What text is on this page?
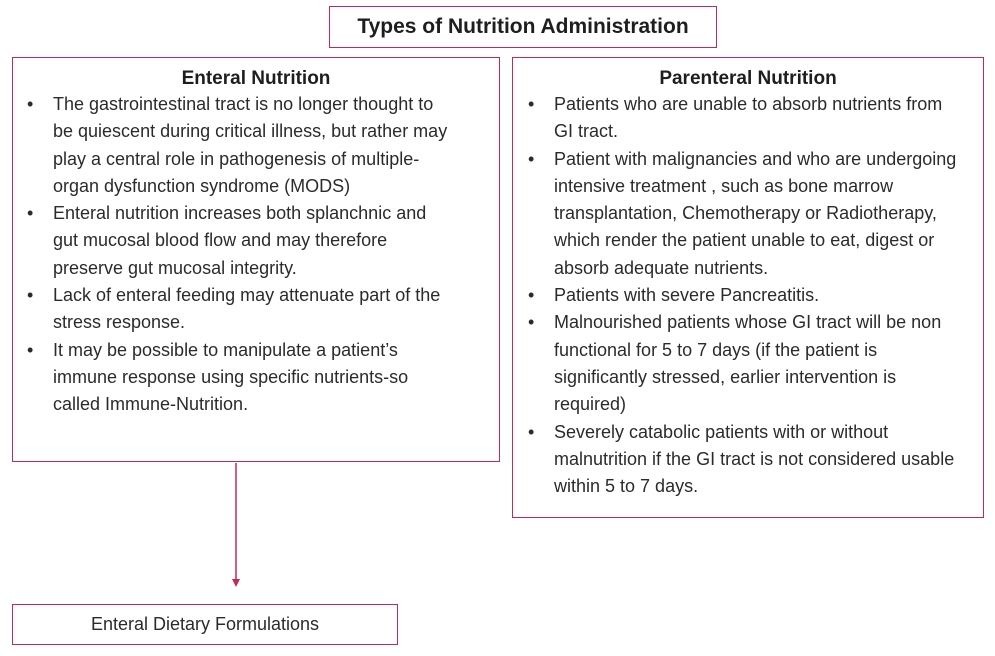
Types of Nutrition Administration
Enteral Nutrition
• The gastrointestinal tract is no longer thought to be quiescent during critical illness, but rather may play a central role in pathogenesis of multiple-organ dysfunction syndrome (MODS)
• Enteral nutrition increases both splanchnic and gut mucosal blood flow and may therefore preserve gut mucosal integrity.
• Lack of enteral feeding may attenuate part of the stress response.
• It may be possible to manipulate a patient’s immune response using specific nutrients-so called Immune-Nutrition.
Parenteral Nutrition
• Patients who are unable to absorb nutrients from GI tract.
• Patient with malignancies and who are undergoing intensive treatment , such as bone marrow transplantation, Chemotherapy or Radiotherapy, which render the patient unable to eat, digest or absorb adequate nutrients.
• Patients with severe Pancreatitis.
• Malnourished patients whose GI tract will be non functional for 5 to 7 days (if the patient is significantly stressed, earlier intervention is required)
• Severely catabolic patients with or without malnutrition if the GI tract is not considered usable within 5 to 7 days.
Enteral Dietary Formulations
